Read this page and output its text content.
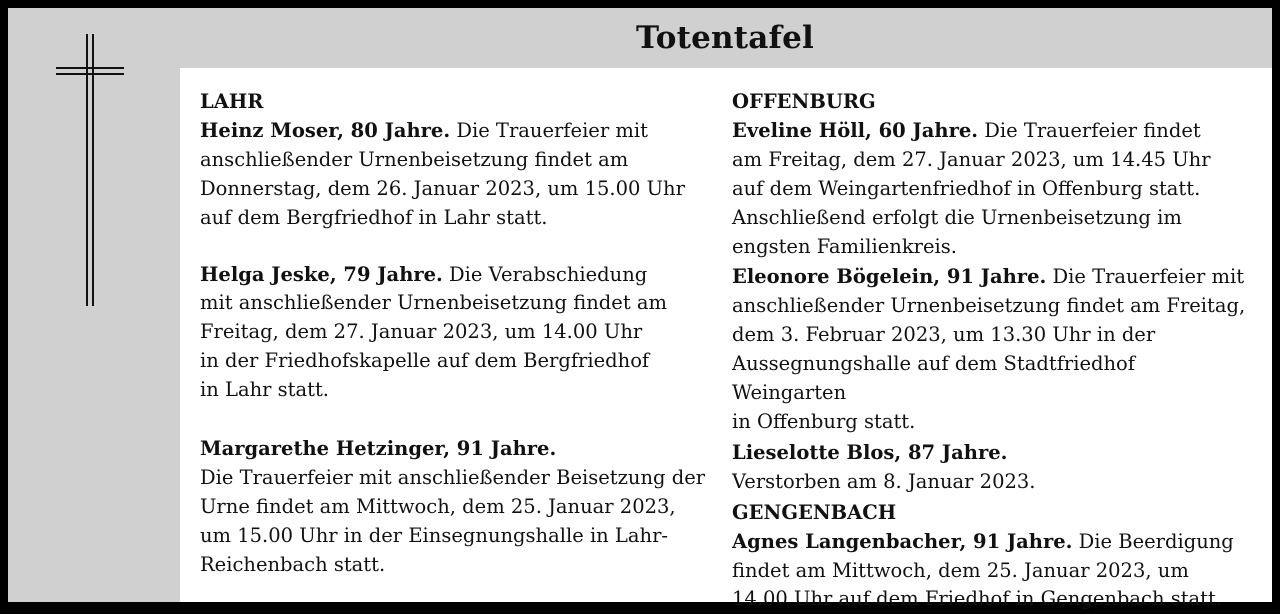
Totentafel
LAHR
Heinz Moser, 80 Jahre. Die Trauerfeier mit
anschließender Urnenbeisetzung findet am
Donnerstag, dem 26. Januar 2023, um 15.00 Uhr
auf dem Bergfriedhof in Lahr statt.
Helga Jeske, 79 Jahre. Die Verabschiedung
mit anschließender Urnenbeisetzung findet am
Freitag, dem 27. Januar 2023, um 14.00 Uhr
in der Friedhofskapelle auf dem Bergfriedhof
in Lahr statt.
Margarethe Hetzinger, 91 Jahre.
Die Trauerfeier mit anschließender Beisetzung der
Urne findet am Mittwoch, dem 25. Januar 2023,
um 15.00 Uhr in der Einsegnungshalle in Lahr-
Reichenbach statt.
OFFENBURG
Eveline Höll, 60 Jahre. Die Trauerfeier findet
am Freitag, dem 27. Januar 2023, um 14.45 Uhr
auf dem Weingartenfriedhof in Offenburg statt.
Anschließend erfolgt die Urnenbeisetzung im
engsten Familienkreis.
Eleonore Bögelein, 91 Jahre. Die Trauerfeier mit
anschließender Urnenbeisetzung findet am Freitag,
dem 3. Februar 2023, um 13.30 Uhr in der
Aussegnungshalle auf dem Stadtfriedhof Weingarten
in Offenburg statt.
Lieselotte Blos, 87 Jahre.
Verstorben am 8. Januar 2023.
GENGENBACH
Agnes Langenbacher, 91 Jahre. Die Beerdigung
findet am Mittwoch, dem 25. Januar 2023, um
14.00 Uhr auf dem Friedhof in Gengenbach statt.
